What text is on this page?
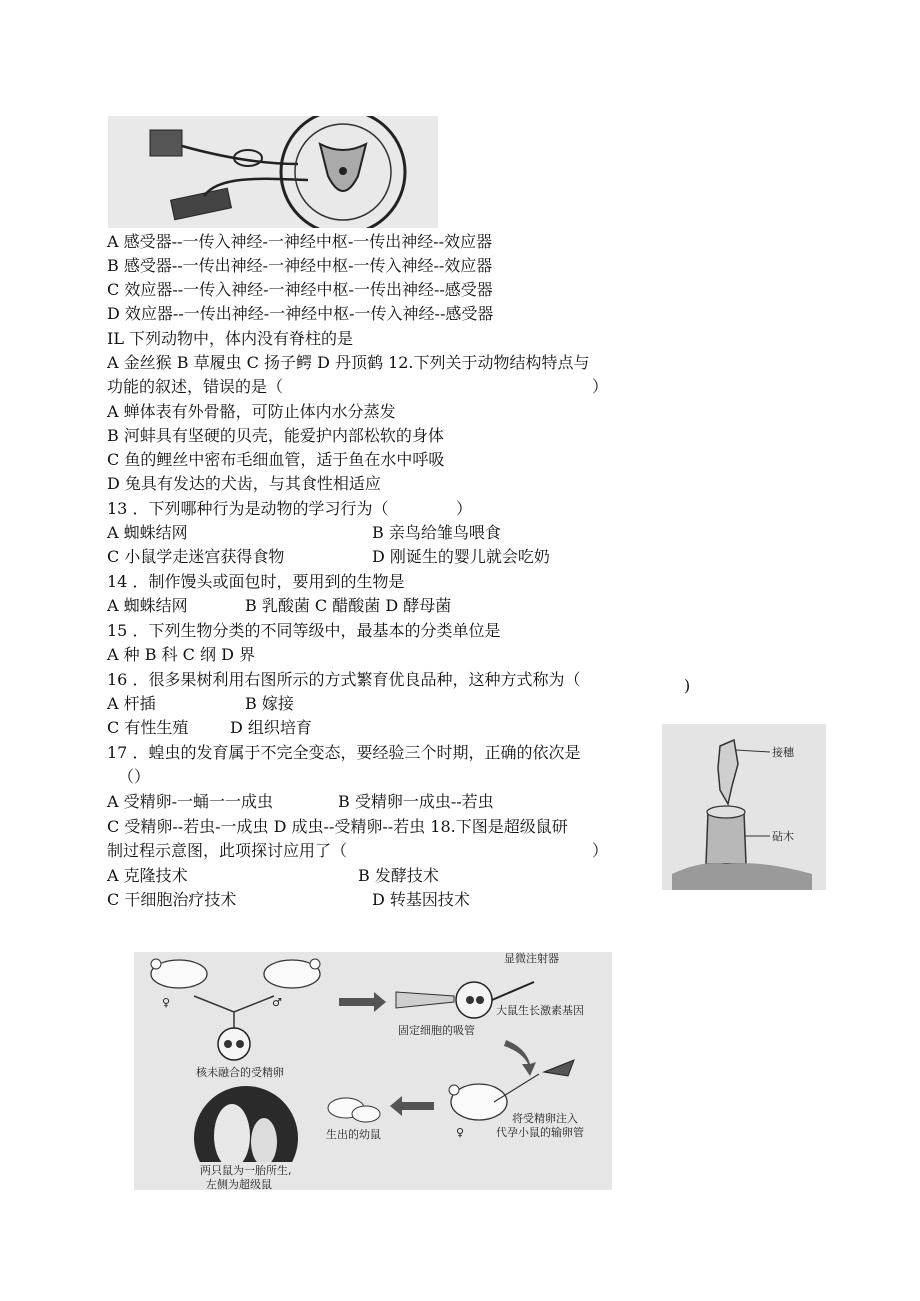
A 感受器--一传入神经-一神经中枢-一传出神经--效应器
B 感受器--一传出神经-一神经中枢-一传入神经--效应器
C 效应器--一传入神经-一神经中枢-一传出神经--感受器
D 效应器--一传出神经-一神经中枢-一传入神经--感受器
IL 下列动物中，体内没有脊柱的是
A 金丝猴 B 草履虫 C 扬子鳄 D 丹顶鹤 12.下列关于动物结构特点与
功能的叙述，错误的是（	）
A 蝉体表有外骨骼，可防止体内水分蒸发
B 河蚌具有坚硬的贝壳，能爱护内部松软的身体
C 鱼的鲤丝中密布毛细血管，适于鱼在水中呼吸
D 兔具有发达的犬齿，与其食性相适应
13 ．下列哪种行为是动物的学习行为（	）
A 蜘蛛结网	B 亲鸟给雏鸟喂食
C 小鼠学走迷宫获得食物	D 刚诞生的婴儿就会吃奶
14 ．制作馒头或面包时，要用到的生物是
A 蜘蛛结网	B 乳酸菌 C 醋酸菌 D 酵母菌
15 ．下列生物分类的不同等级中，最基本的分类单位是
A 种 B 科 C 纲 D 界
16 ．很多果树利用右图所示的方式繁育优良品种，这种方式称为（	)
A 杆插	B 嫁接
C 有性生殖	D 组织培育
接穗
砧木
17 ．蝗虫的发育属于不完全变态，要经验三个时期，正确的依次是
（）
A 受精卵-一蛹一一成虫	B 受精卵一成虫--若虫
C 受精卵--若虫-一成虫 D 成虫--受精卵--若虫 18.下图是超级鼠研
制过程示意图，此项探讨应用了（	）
A 克隆技术	B 发酵技术
C 干细胞治疗技术	D 转基因技术
♀	♂
核未融合的受精卵
显微注射器
大鼠生长激素基因
固定细胞的吸管
♀
将受精卵注入
代孕小鼠的输卵管
生出的幼鼠
两只鼠为一胎所生,
左侧为超级鼠
